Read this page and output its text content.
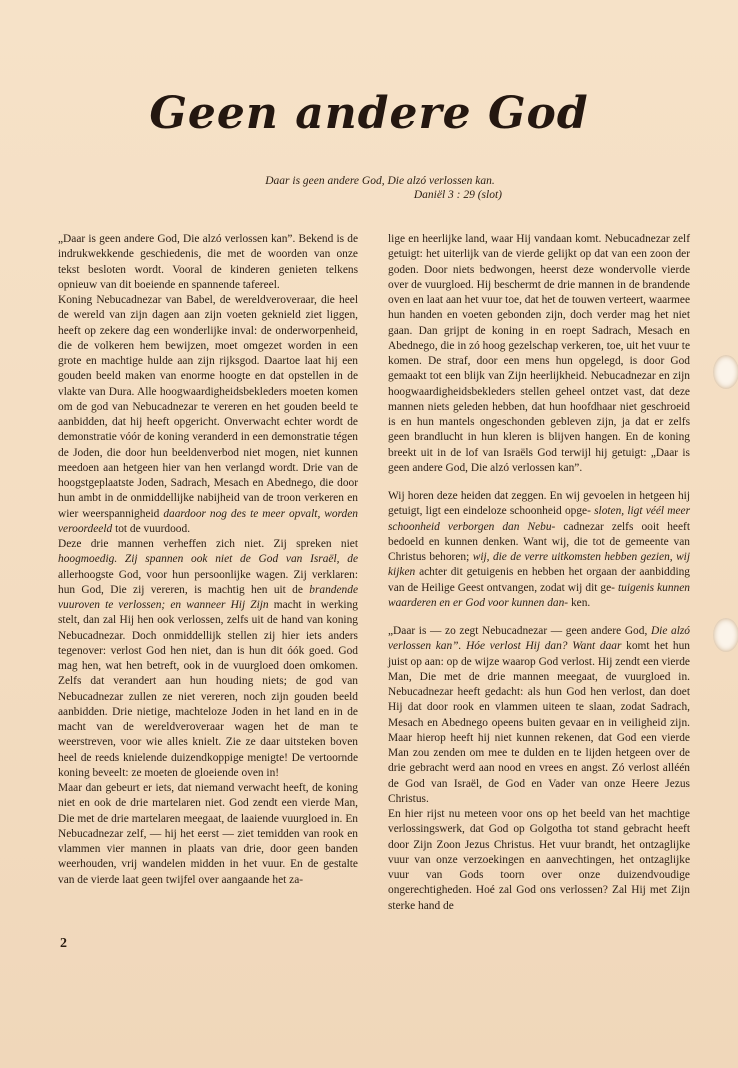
Geen andere God
Daar is geen andere God, Die alzó verlossen kan.
Daniël 3 : 29 (slot)

„Daar is geen andere God, Die alzó verlossen kan”. Bekend is de indrukwekkende geschiedenis, die met de woorden van onze tekst besloten wordt. Vooral de kinderen genieten telkens opnieuw van dit boeiende en spannende tafereel.

Koning Nebucadnezar van Babel, de wereldveroveraar, die heel de wereld van zijn dagen aan zijn voeten geknield ziet liggen, heeft op zekere dag een wonderlijke inval: de onderworpenheid, die de volkeren hem bewijzen, moet omgezet worden in een grote en machtige hulde aan zijn rijksgod. Daartoe laat hij een gouden beeld maken van enorme hoogte en dat opstellen in de vlakte van Dura. Alle hoogwaardigheidsbekleders moeten komen om de god van Nebucadnezar te vereren en het gouden beeld te aanbidden, dat hij heeft opgericht. Onverwacht echter wordt de demonstratie vóór de koning veranderd in een demonstratie tégen de Joden, die door hun beeldenverbod niet mogen, niet kunnen meedoen aan hetgeen hier van hen verlangd wordt. Drie van de hoogstgeplaatste Joden, Sadrach, Mesach en Abednego, die door hun ambt in de onmiddellijke nabijheid van de troon verkeren en wier weerspannigheid daardoor nog des te meer opvalt, worden veroordeeld tot de vuurdood.

Deze drie mannen verheffen zich niet. Zij spreken niet hoogmoedig. Zij spannen ook niet de God van Israël, de allerhoogste God, voor hun persoonlijke wagen. Zij verklaren: hun God, Die zij vereren, is machtig hen uit de brandende vuuroven te verlossen; en wanneer Hij Zijn macht in werking stelt, dan zal Hij hen ook verlossen, zelfs uit de hand van koning Nebucadnezar. Doch onmiddellijk stellen zij hier iets anders tegenover: verlost God hen niet, dan is hun dit óók goed. God mag hen, wat hen betreft, ook in de vuurgloed doen omkomen. Zelfs dat verandert aan hun houding niets; de god van Nebucadnezar zullen ze niet vereren, noch zijn gouden beeld aanbidden. Drie nietige, machteloze Joden in het land en in de macht van de wereldveroveraar wagen het de man te weerstreven, voor wie alles knielt. Zie ze daar uitsteken boven heel de reeds knielende duizendkoppige menigte! De vertoornde koning beveelt: ze moeten de gloeiende oven in!

Maar dan gebeurt er iets, dat niemand verwacht heeft, de koning niet en ook de drie martelaren niet. God zendt een vierde Man, Die met de drie martelaren meegaat, de laaiende vuurgloed in. En Nebucadnezar zelf, — hij het eerst — ziet temidden van rook en vlammen vier mannen in plaats van drie, door geen banden weerhouden, vrij wandelen midden in het vuur. En de gestalte van de vierde laat geen twijfel over aangaande het za-

lige en heerlijke land, waar Hij vandaan komt. Nebucadnezar zelf getuigt: het uiterlijk van de vierde gelijkt op dat van een zoon der goden. Door niets bedwongen, heerst deze wondervolle vierde over de vuurgloed. Hij beschermt de drie mannen in de brandende oven en laat aan het vuur toe, dat het de touwen verteert, waarmee hun handen en voeten gebonden zijn, doch verder mag het niet gaan. Dan grijpt de koning in en roept Sadrach, Mesach en Abednego, die in zó hoog gezelschap verkeren, toe, uit het vuur te komen. De straf, door een mens hun opgelegd, is door God gemaakt tot een blijk van Zijn heerlijkheid. Nebucadnezar en zijn hoogwaardigheidsbekleders stellen geheel ontzet vast, dat deze mannen niets geleden hebben, dat hun hoofdhaar niet geschroeid is en hun mantels ongeschonden gebleven zijn, ja dat er zelfs geen brandlucht in hun kleren is blijven hangen. En de koning breekt uit in de lof van Israëls God terwijl hij getuigt: „Daar is geen andere God, Die alzó verlossen kan”.

Wij horen deze heiden dat zeggen. En wij gevoelen in hetgeen hij getuigt, ligt een eindeloze schoonheid opge- sloten, ligt véél meer schoonheid verborgen dan Nebu- cadnezar zelfs ooit heeft bedoeld en kunnen denken. Want wij, die tot de gemeente van Christus behoren; wij, die de verre uitkomsten hebben gezien, wij kijken achter dit getuigenis en hebben het orgaan der aanbidding van de Heilige Geest ontvangen, zodat wij dit ge- tuigenis kunnen waarderen en er God voor kunnen dan- ken.

„Daar is — zo zegt Nebucadnezar — geen andere God, Die alzó verlossen kan”. Hóe verlost Hij dan? Want daar komt het hun juist op aan: op de wijze waarop God verlost. Hij zendt een vierde Man, Die met de drie mannen meegaat, de vuurgloed in. Nebucadnezar heeft gedacht: als hun God hen verlost, dan doet Hij dat door rook en vlammen uiteen te slaan, zodat Sadrach, Mesach en Abednego opeens buiten gevaar en in veiligheid zijn. Maar hierop heeft hij niet kunnen rekenen, dat God een vierde Man zou zenden om mee te dulden en te lijden hetgeen over de drie gebracht werd aan nood en vrees en angst. Zó verlost alléén de God van Israël, de God en Vader van onze Heere Jezus Christus.

En hier rijst nu meteen voor ons op het beeld van het machtige verlossingswerk, dat God op Golgotha tot stand gebracht heeft door Zijn Zoon Jezus Christus. Het vuur brandt, het ontzaglijke vuur van onze verzoekingen en aanvechtingen, het ontzaglijke vuur van Gods toorn over onze duizendvoudige ongerechtigheden. Hoé zal God ons verlossen? Zal Hij met Zijn sterke hand de

2
